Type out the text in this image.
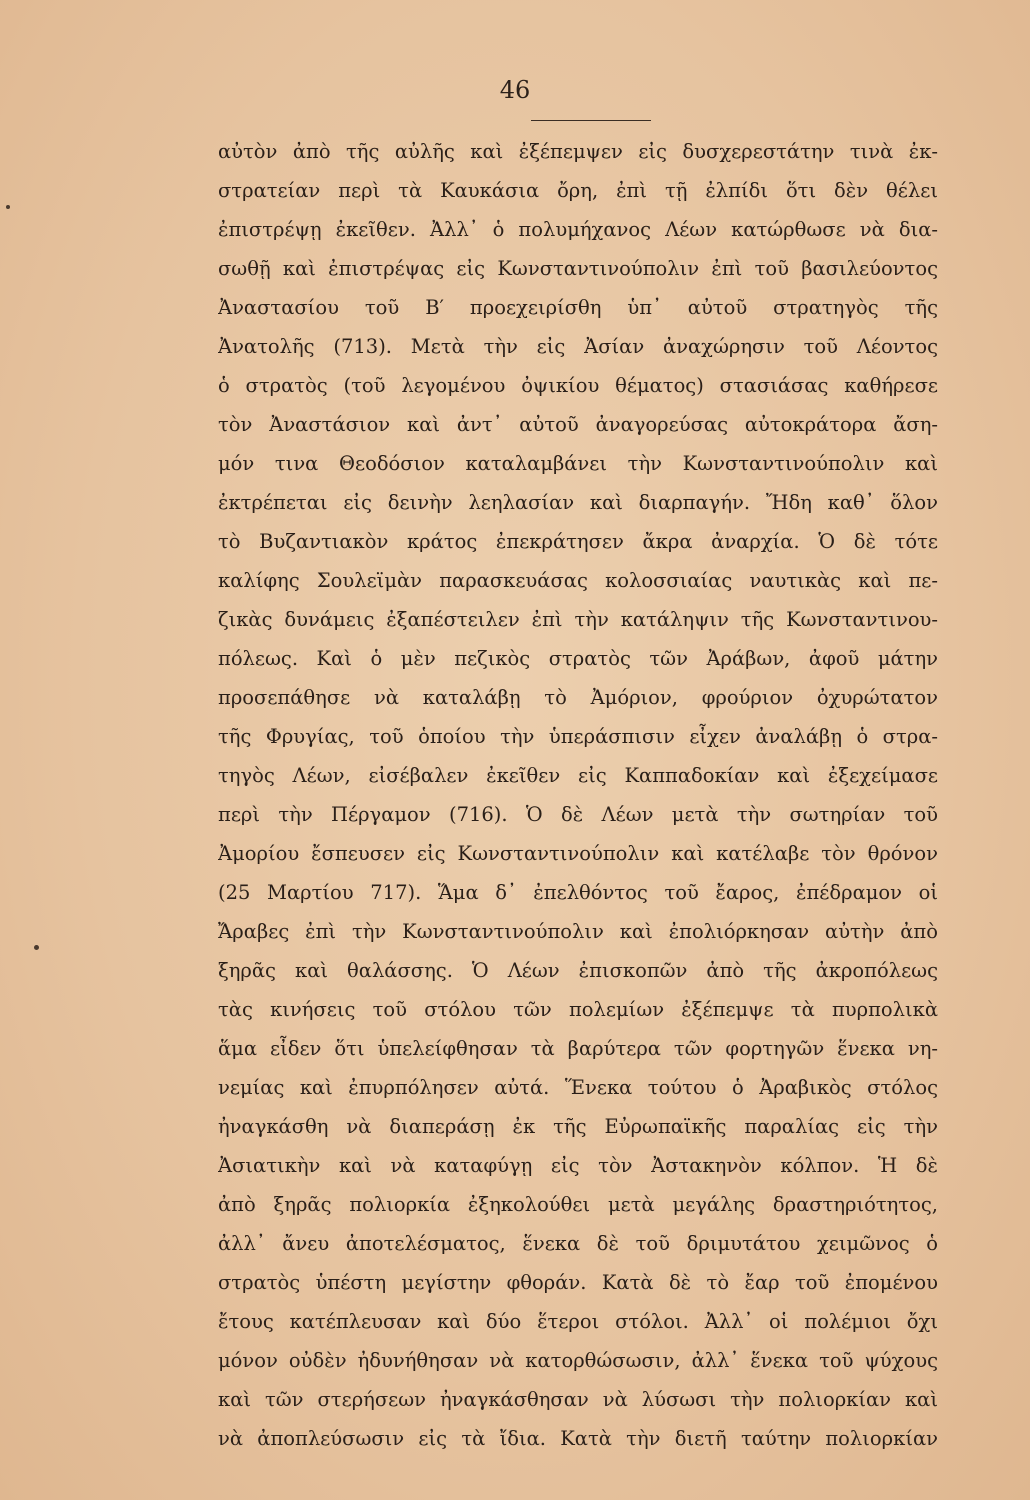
46
αὐτὸν ἀπὸ τῆς αὐλῆς καὶ ἐξέπεμψεν εἰς δυσχερεστάτην τινὰ ἐκ-
στρατείαν περὶ τὰ Καυκάσια ὄρη, ἐπὶ τῇ ἐλπίδι ὅτι δὲν θέλει
ἐπιστρέψῃ ἐκεῖθεν. Ἀλλ᾽ ὁ πολυμήχανος Λέων κατώρθωσε νὰ δια-
σωθῇ καὶ ἐπιστρέψας εἰς Κωνσταντινούπολιν ἐπὶ τοῦ βασιλεύοντος
Ἀναστασίου τοῦ Β′ προεχειρίσθη ὑπ᾽ αὐτοῦ στρατηγὸς τῆς
Ἀνατολῆς (713). Μετὰ τὴν εἰς Ἀσίαν ἀναχώρησιν τοῦ Λέοντος
ὁ στρατὸς (τοῦ λεγομένου ὀψικίου θέματος) στασιάσας καθήρεσε
τὸν Ἀναστάσιον καὶ ἀντ᾽ αὐτοῦ ἀναγορεύσας αὐτοκράτορα ἄση-
μόν τινα Θεοδόσιον καταλαμβάνει τὴν Κωνσταντινούπολιν καὶ
ἐκτρέπεται εἰς δεινὴν λεηλασίαν καὶ διαρπαγήν. Ἤδη καθ᾽ ὅλον
τὸ Βυζαντιακὸν κράτος ἐπεκράτησεν ἄκρα ἀναρχία. Ὁ δὲ τότε
καλίφης Σουλεϊμὰν παρασκευάσας κολοσσιαίας ναυτικὰς καὶ πε-
ζικὰς δυνάμεις ἐξαπέστειλεν ἐπὶ τὴν κατάληψιν τῆς Κωνσταντινου-
πόλεως. Καὶ ὁ μὲν πεζικὸς στρατὸς τῶν Ἀράβων, ἀφοῦ μάτην
προσεπάθησε νὰ καταλάβῃ τὸ Ἀμόριον, φρούριον ὀχυρώτατον
τῆς Φρυγίας, τοῦ ὁποίου τὴν ὑπεράσπισιν εἶχεν ἀναλάβῃ ὁ στρα-
τηγὸς Λέων, εἰσέβαλεν ἐκεῖθεν εἰς Καππαδοκίαν καὶ ἐξεχείμασε
περὶ τὴν Πέργαμον (716). Ὁ δὲ Λέων μετὰ τὴν σωτηρίαν τοῦ
Ἀμορίου ἔσπευσεν εἰς Κωνσταντινούπολιν καὶ κατέλαβε τὸν θρόνον
(25 Μαρτίου 717). Ἅμα δ᾽ ἐπελθόντος τοῦ ἔαρος, ἐπέδραμον οἱ
Ἄραβες ἐπὶ τὴν Κωνσταντινούπολιν καὶ ἐπολιόρκησαν αὐτὴν ἀπὸ
ξηρᾶς καὶ θαλάσσης. Ὁ Λέων ἐπισκοπῶν ἀπὸ τῆς ἀκροπόλεως
τὰς κινήσεις τοῦ στόλου τῶν πολεμίων ἐξέπεμψε τὰ πυρπολικὰ
ἅμα εἶδεν ὅτι ὑπελείφθησαν τὰ βαρύτερα τῶν φορτηγῶν ἕνεκα νη-
νεμίας καὶ ἐπυρπόλησεν αὐτά. Ἕνεκα τούτου ὁ Ἀραβικὸς στόλος
ἠναγκάσθη νὰ διαπεράσῃ ἐκ τῆς Εὐρωπαϊκῆς παραλίας εἰς τὴν
Ἀσιατικὴν καὶ νὰ καταφύγῃ εἰς τὸν Ἀστακηνὸν κόλπον. Ἡ δὲ
ἀπὸ ξηρᾶς πολιορκία ἐξηκολούθει μετὰ μεγάλης δραστηριότητος,
ἀλλ᾽ ἄνευ ἀποτελέσματος, ἕνεκα δὲ τοῦ δριμυτάτου χειμῶνος ὁ
στρατὸς ὑπέστη μεγίστην φθοράν. Κατὰ δὲ τὸ ἔαρ τοῦ ἐπομένου
ἔτους κατέπλευσαν καὶ δύο ἕτεροι στόλοι. Ἀλλ᾽ οἱ πολέμιοι ὄχι
μόνον οὐδὲν ἠδυνήθησαν νὰ κατορθώσωσιν, ἀλλ᾽ ἕνεκα τοῦ ψύχους
καὶ τῶν στερήσεων ἠναγκάσθησαν νὰ λύσωσι τὴν πολιορκίαν καὶ
νὰ ἀποπλεύσωσιν εἰς τὰ ἴδια. Κατὰ τὴν διετῆ ταύτην πολιορκίαν
